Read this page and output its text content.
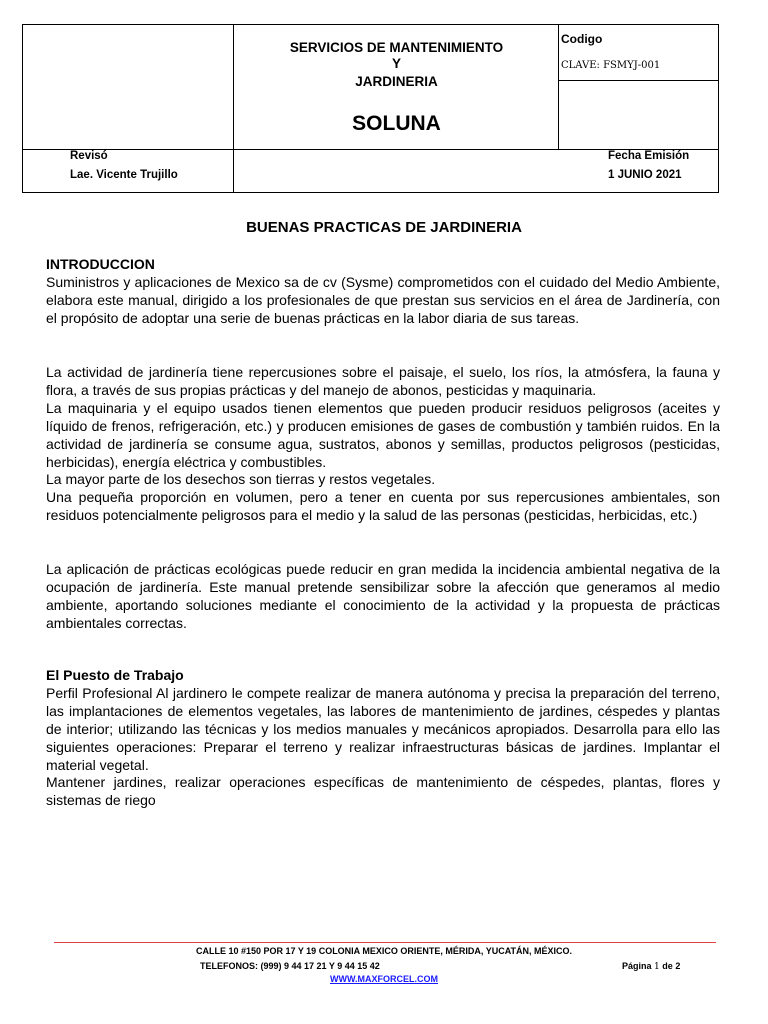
SERVICIOS DE MANTENIMIENTO
Y
JARDINERIA
SOLUNA
Codigo
CLAVE: FSMYJ-001
Revisó
Lae. Vicente Trujillo
Fecha Emisión
1 JUNIO 2021
BUENAS PRACTICAS DE JARDINERIA
INTRODUCCION

Suministros y aplicaciones de Mexico sa de cv (Sysme) comprometidos con el cuidado del Medio Ambiente, elabora este manual, dirigido a los profesionales de que prestan sus servicios en el área de Jardinería, con el propósito de adoptar una serie de buenas prácticas en la labor diaria de sus tareas.

La actividad de jardinería tiene repercusiones sobre el paisaje, el suelo, los ríos, la atmósfera, la fauna y flora, a través de sus propias prácticas y del manejo de abonos, pesticidas y maquinaria.

La maquinaria y el equipo usados tienen elementos que pueden producir residuos peligrosos (aceites y líquido de frenos, refrigeración, etc.) y producen emisiones de gases de combustión y también ruidos. En la actividad de jardinería se consume agua, sustratos, abonos y semillas, productos peligrosos (pesticidas, herbicidas), energía eléctrica y combustibles.

La mayor parte de los desechos son tierras y restos vegetales.

Una pequeña proporción en volumen, pero a tener en cuenta por sus repercusiones ambientales, son residuos potencialmente peligrosos para el medio y la salud de las personas (pesticidas, herbicidas, etc.)

La aplicación de prácticas ecológicas puede reducir en gran medida la incidencia ambiental negativa de la ocupación de jardinería. Este manual pretende sensibilizar sobre la afección que generamos al medio ambiente, aportando soluciones mediante el conocimiento de la actividad y la propuesta de prácticas ambientales correctas.

El Puesto de Trabajo

Perfil Profesional Al jardinero le compete realizar de manera autónoma y precisa la preparación del terreno, las implantaciones de elementos vegetales, las labores de mantenimiento de jardines, céspedes y plantas de interior; utilizando las técnicas y los medios manuales y mecánicos apropiados. Desarrolla para ello las siguientes operaciones: Preparar el terreno y realizar infraestructuras básicas de jardines. Implantar el material vegetal.

Mantener jardines, realizar operaciones específicas de mantenimiento de céspedes, plantas, flores y sistemas de riego

CALLE 10 #150 POR 17 Y 19 COLONIA MEXICO ORIENTE, MÉRIDA, YUCATÁN, MÉXICO.
TELEFONOS: (999) 9 44 17 21 Y 9 44 15 42
WWW.MAXFORCEL.COM
Página 1 de 2
